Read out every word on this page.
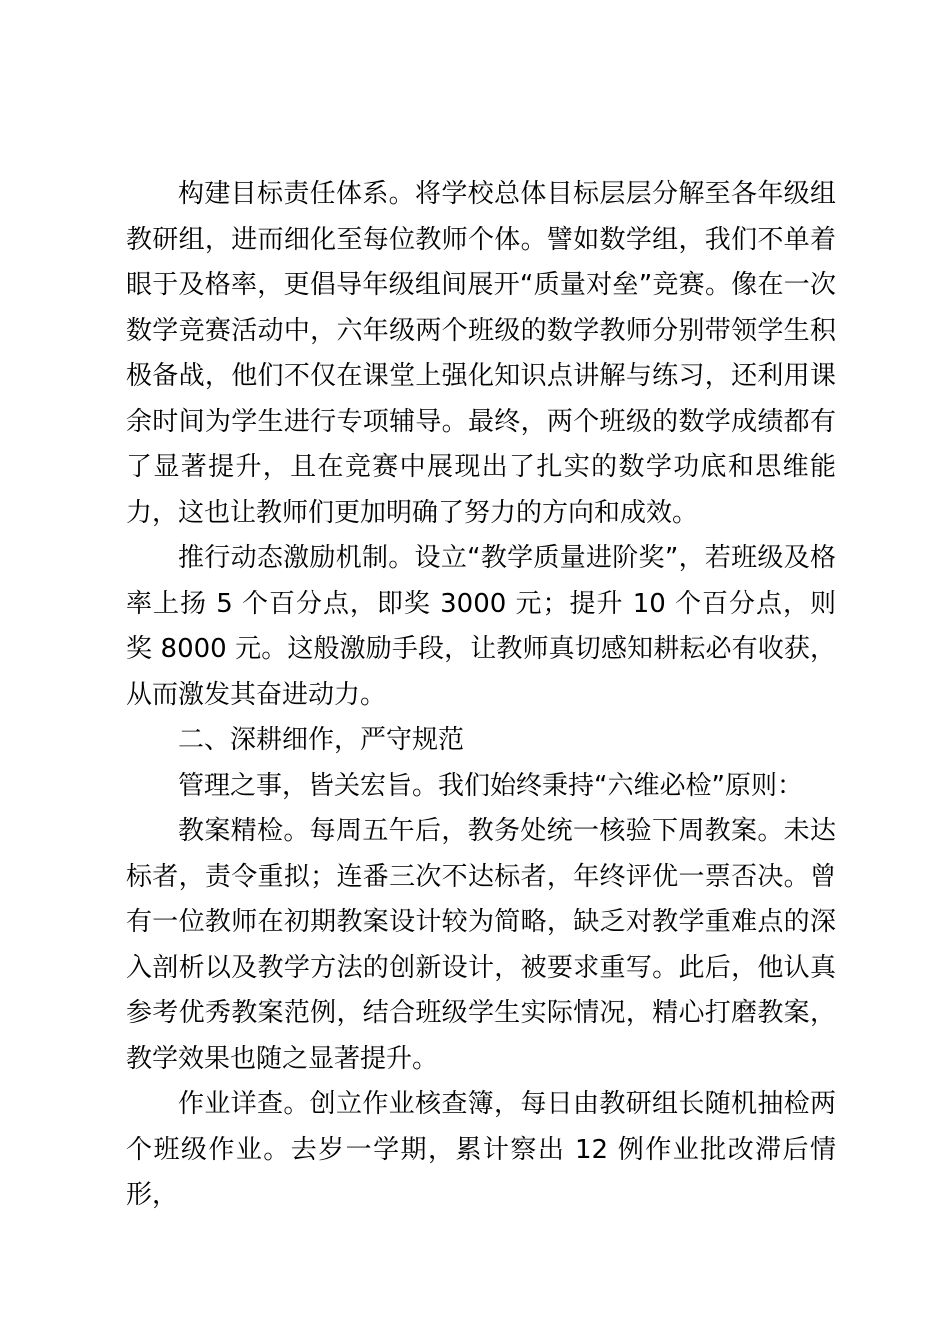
构建目标责任体系。将学校总体目标层层分解至各年级组教研组，进而细化至每位教师个体。譬如数学组，我们不单着眼于及格率，更倡导年级组间展开“质量对垒”竞赛。像在一次数学竞赛活动中，六年级两个班级的数学教师分别带领学生积极备战，他们不仅在课堂上强化知识点讲解与练习，还利用课余时间为学生进行专项辅导。最终，两个班级的数学成绩都有了显著提升，且在竞赛中展现出了扎实的数学功底和思维能力，这也让教师们更加明确了努力的方向和成效。

推行动态激励机制。设立“教学质量进阶奖”，若班级及格率上扬 5 个百分点，即奖 3000 元；提升 10 个百分点，则奖 8000 元。这般激励手段，让教师真切感知耕耘必有收获，从而激发其奋进动力。

二、深耕细作，严守规范

管理之事，皆关宏旨。我们始终秉持“六维必检”原则：

教案精检。每周五午后，教务处统一核验下周教案。未达标者，责令重拟；连番三次不达标者，年终评优一票否决。曾有一位教师在初期教案设计较为简略，缺乏对教学重难点的深入剖析以及教学方法的创新设计，被要求重写。此后，他认真参考优秀教案范例，结合班级学生实际情况，精心打磨教案，教学效果也随之显著提升。

作业详查。创立作业核查簿，每日由教研组长随机抽检两个班级作业。去岁一学期，累计察出 12 例作业批改滞后情形，
